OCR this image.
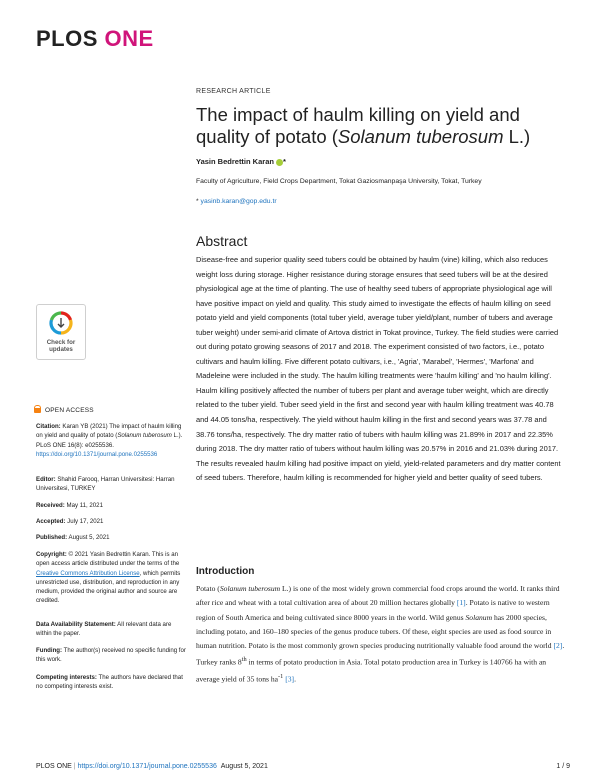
PLOS ONE
RESEARCH ARTICLE
The impact of haulm killing on yield and quality of potato (Solanum tuberosum L.)
Yasin Bedrettin Karan *
Faculty of Agriculture, Field Crops Department, Tokat Gaziosmanpaşa University, Tokat, Turkey
* yasinb.karan@gop.edu.tr
Abstract
Disease-free and superior quality seed tubers could be obtained by haulm (vine) killing, which also reduces weight loss during storage. Higher resistance during storage ensures that seed tubers will be at the desired physiological age at the time of planting. The use of healthy seed tubers of appropriate physiological age will have positive impact on yield and quality. This study aimed to investigate the effects of haulm killing on seed potato yield and yield components (total tuber yield, average tuber yield/plant, number of tubers and average tuber weight) under semi-arid climate of Artova district in Tokat province, Turkey. The field studies were carried out during potato growing seasons of 2017 and 2018. The experiment consisted of two factors, i.e., potato cultivars and haulm killing. Five different potato cultivars, i.e., 'Agria', 'Marabel', 'Hermes', 'Marfona' and Madeleine were included in the study. The haulm killing treatments were 'haulm killing' and 'no haulm killing'. Haulm killing positively affected the number of tubers per plant and average tuber weight, which are directly related to the tuber yield. Tuber seed yield in the first and second year with haulm killing treatment was 40.78 and 44.05 tons/ha, respectively. The yield without haulm killing in the first and second years was 37.78 and 38.76 tons/ha, respectively. The dry matter ratio of tubers with haulm killing was 21.89% in 2017 and 22.35% during 2018. The dry matter ratio of tubers without haulm killing was 20.57% in 2016 and 21.03% during 2017. The results revealed haulm killing had positive impact on yield, yield-related parameters and dry matter content of seed tubers. Therefore, haulm killing is recommended for higher yield and better quality of seed tubers.
Introduction
Potato (Solanum tuberosum L.) is one of the most widely grown commercial food crops around the world. It ranks third after rice and wheat with a total cultivation area of about 20 million hectares globally [1]. Potato is native to western region of South America and being cultivated since 8000 years in the world. Wild genus Solanum has 2000 species, including potato, and 160–180 species of the genus produce tubers. Of these, eight species are used as food source in human nutrition. Potato is the most commonly grown species producing nutritionally valuable food around the world [2]. Turkey ranks 8th in terms of potato production in Asia. Total potato production area in Turkey is 140766 ha with an average yield of 35 tons $ha^{-1}$ [3].
Check for
updates
OPEN ACCESS
Citation: Karan YB (2021) The impact of haulm killing on yield and quality of potato (Solanum tuberosum L.). PLoS ONE 16(8): e0255536. https://doi.org/10.1371/journal.pone.0255536
Editor: Shahid Farooq, Harran Universitesi: Harran Universitesi, TURKEY
Received: May 11, 2021
Accepted: July 17, 2021
Published: August 5, 2021
Copyright: © 2021 Yasin Bedrettin Karan. This is an open access article distributed under the terms of the Creative Commons Attribution License, which permits unrestricted use, distribution, and reproduction in any medium, provided the original author and source are credited.
Data Availability Statement: All relevant data are within the paper.
Funding: The author(s) received no specific funding for this work.
Competing interests: The authors have declared that no competing interests exist.
PLOS ONE | https://doi.org/10.1371/journal.pone.0255536 August 5, 2021	1 / 9
